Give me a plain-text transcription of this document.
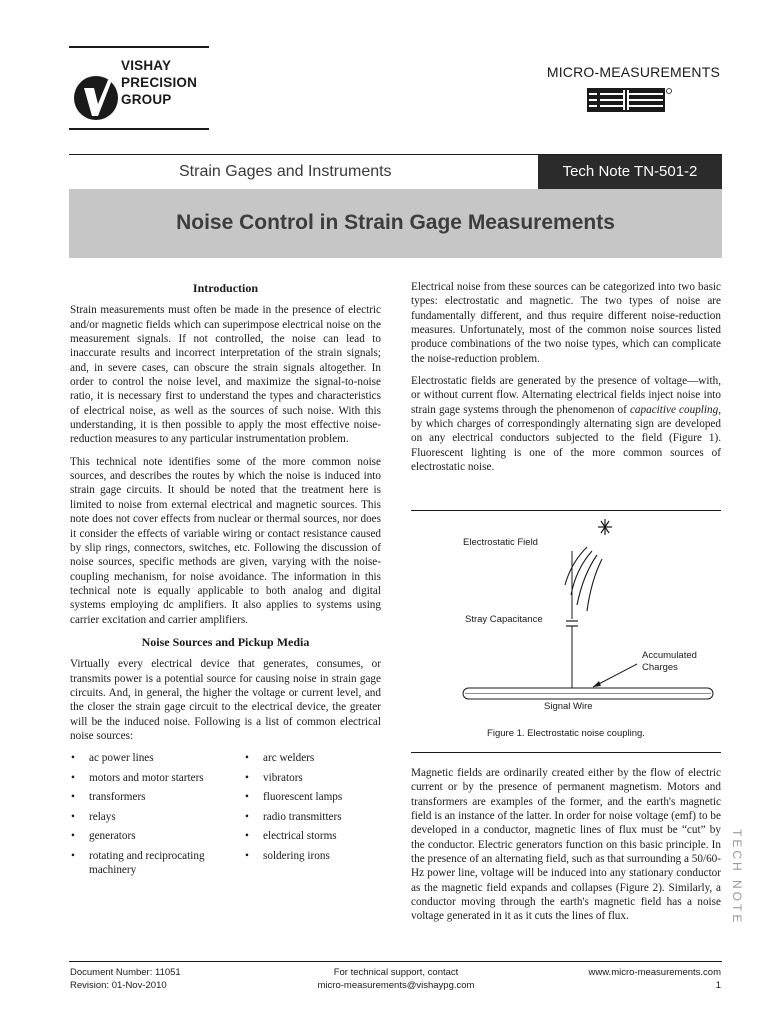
VISHAY
PRECISION
GROUP
MICRO-MEASUREMENTS
Strain Gages and Instruments	Tech Note TN-501-2
Noise Control in Strain Gage Measurements
Introduction

Strain measurements must often be made in the presence of electric and/or magnetic fields which can superimpose electrical noise on the measurement signals. If not controlled, the noise can lead to inaccurate results and incorrect interpretation of the strain signals; and, in severe cases, can obscure the strain signals altogether. In order to control the noise level, and maximize the signal-to-noise ratio, it is necessary first to understand the types and characteristics of electrical noise, as well as the sources of such noise. With this understanding, it is then possible to apply the most effective noise-reduction measures to any particular instrumentation problem.

This technical note identifies some of the more common noise sources, and describes the routes by which the noise is induced into strain gage circuits. It should be noted that the treatment here is limited to noise from external electrical and magnetic sources. This note does not cover effects from nuclear or thermal sources, nor does it consider the effects of variable wiring or contact resistance caused by slip rings, connectors, switches, etc. Following the discussion of noise sources, specific methods are given, varying with the noise-coupling mechanism, for noise avoidance. The information in this technical note is equally applicable to both analog and digital systems employing dc amplifiers. It also applies to systems using carrier excitation and carrier amplifiers.

Noise Sources and Pickup Media

Virtually every electrical device that generates, consumes, or transmits power is a potential source for causing noise in strain gage circuits. And, in general, the higher the voltage or current level, and the closer the strain gage circuit to the electrical device, the greater will be the induced noise. Following is a list of common electrical noise sources:

• ac power lines
• motors and motor starters
• transformers
• relays
• generators
• rotating and reciprocating machinery
• arc welders
• vibrators
• fluorescent lamps
• radio transmitters
• electrical storms
• soldering irons

Electrical noise from these sources can be categorized into two basic types: electrostatic and magnetic. The two types of noise are fundamentally different, and thus require different noise-reduction measures. Unfortunately, most of the common noise sources listed produce combinations of the two noise types, which can complicate the noise-reduction problem.

Electrostatic fields are generated by the presence of voltage—with, or without current flow. Alternating electrical fields inject noise into strain gage systems through the phenomenon of capacitive coupling, by which charges of correspondingly alternating sign are developed on any electrical conductors subjected to the field (Figure 1). Fluorescent lighting is one of the more common sources of electrostatic noise.

Electrostatic Field
Stray Capacitance
Accumulated
Charges
Signal Wire
Figure 1. Electrostatic noise coupling.

Magnetic fields are ordinarily created either by the flow of electric current or by the presence of permanent magnetism. Motors and transformers are examples of the former, and the earth's magnetic field is an instance of the latter. In order for noise voltage (emf) to be developed in a conductor, magnetic lines of flux must be “cut” by the conductor. Electric generators function on this basic principle. In the presence of an alternating field, such as that surrounding a 50/60-Hz power line, voltage will be induced into any stationary conductor as the magnetic field expands and collapses (Figure 2). Similarly, a conductor moving through the earth's magnetic field has a noise voltage generated in it as it cuts the lines of flux.	TECH NOTE
Document Number: 11051
Revision: 01-Nov-2010
For technical support, contact
micro-measurements@vishaypg.com
www.micro-measurements.com
1
